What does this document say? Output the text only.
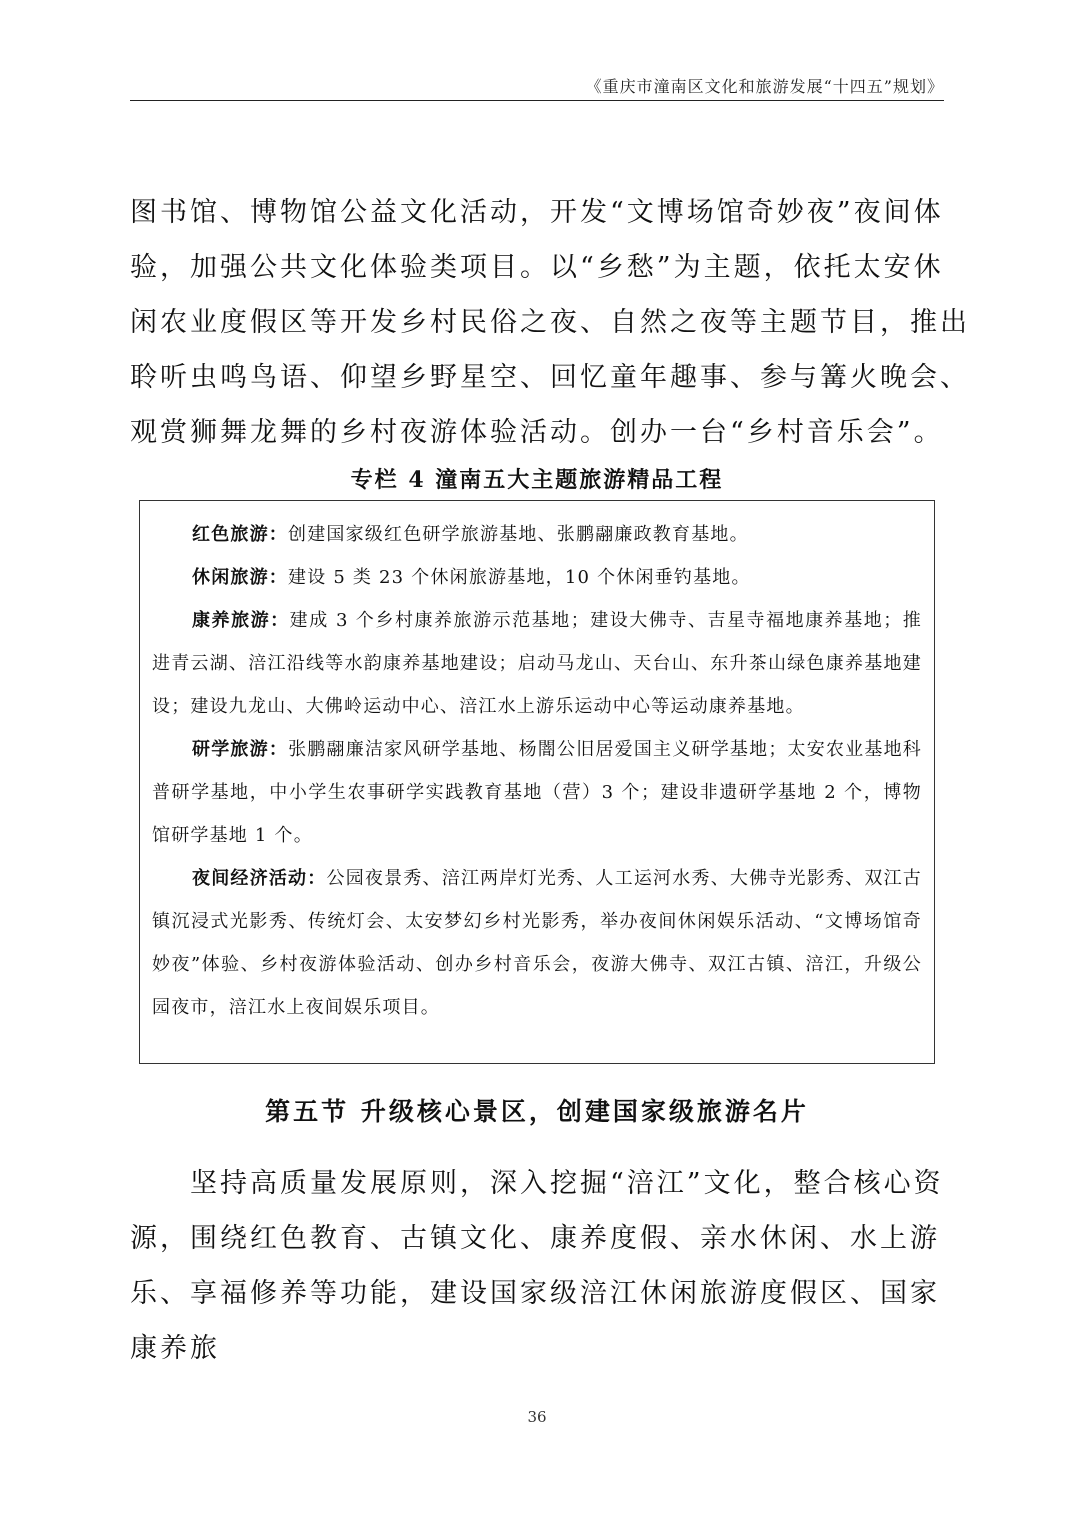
《重庆市潼南区文化和旅游发展“十四五”规划》
图书馆、博物馆公益文化活动，开发“文博场馆奇妙夜”夜间体
验，加强公共文化体验类项目。以“乡愁”为主题，依托太安休
闲农业度假区等开发乡村民俗之夜、自然之夜等主题节目，推出
聆听虫鸣鸟语、仰望乡野星空、回忆童年趣事、参与篝火晚会、
观赏狮舞龙舞的乡村夜游体验活动。创办一台“乡村音乐会”。
专栏 4 潼南五大主题旅游精品工程

红色旅游：创建国家级红色研学旅游基地、张鹏翮廉政教育基地。

休闲旅游：建设 5 类 23 个休闲旅游基地，10 个休闲垂钓基地。

康养旅游：建成 3 个乡村康养旅游示范基地；建设大佛寺、吉星寺福地康养基地；推进青云湖、涪江沿线等水韵康养基地建设；启动马龙山、天台山、东升茶山绿色康养基地建设；建设九龙山、大佛岭运动中心、涪江水上游乐运动中心等运动康养基地。

研学旅游：张鹏翮廉洁家风研学基地、杨闇公旧居爱国主义研学基地；太安农业基地科普研学基地，中小学生农事研学实践教育基地（营）3 个；建设非遗研学基地 2 个，博物馆研学基地 1 个。

夜间经济活动：公园夜景秀、涪江两岸灯光秀、人工运河水秀、大佛寺光影秀、双江古镇沉浸式光影秀、传统灯会、太安梦幻乡村光影秀，举办夜间休闲娱乐活动、“文博场馆奇妙夜”体验、乡村夜游体验活动、创办乡村音乐会，夜游大佛寺、双江古镇、涪江，升级公园夜市，涪江水上夜间娱乐项目。

第五节 升级核心景区，创建国家级旅游名片

坚持高质量发展原则，深入挖掘“涪江”文化，整合核心资源，围绕红色教育、古镇文化、康养度假、亲水休闲、水上游乐、享福修养等功能，建设国家级涪江休闲旅游度假区、国家康养旅

36
